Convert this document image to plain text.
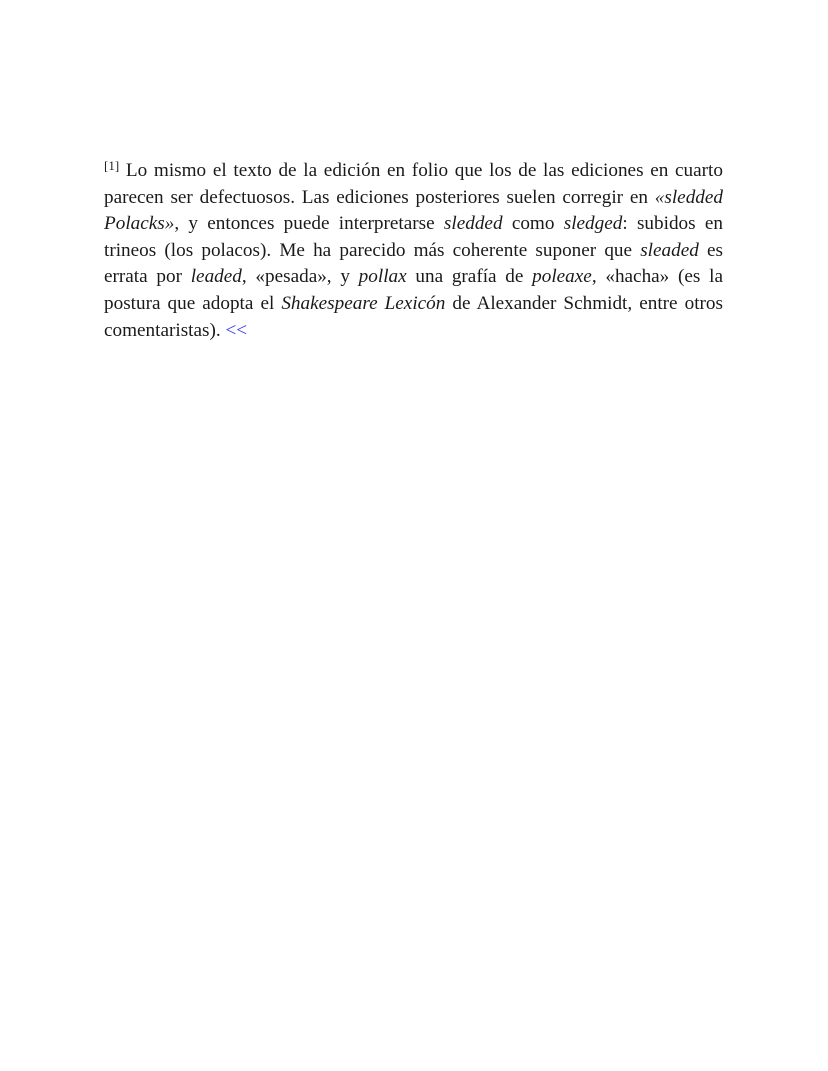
[1] Lo mismo el texto de la edición en folio que los de las ediciones en cuarto parecen ser defectuosos. Las ediciones posteriores suelen corregir en «sledded Polacks», y entonces puede interpretarse sledded como sledged: subidos en trineos (los polacos). Me ha parecido más coherente suponer que sleaded es errata por leaded, «pesada», y pollax una grafía de poleaxe, «hacha» (es la postura que adopta el Shakespeare Lexicón de Alexander Schmidt, entre otros comentaristas). <<
